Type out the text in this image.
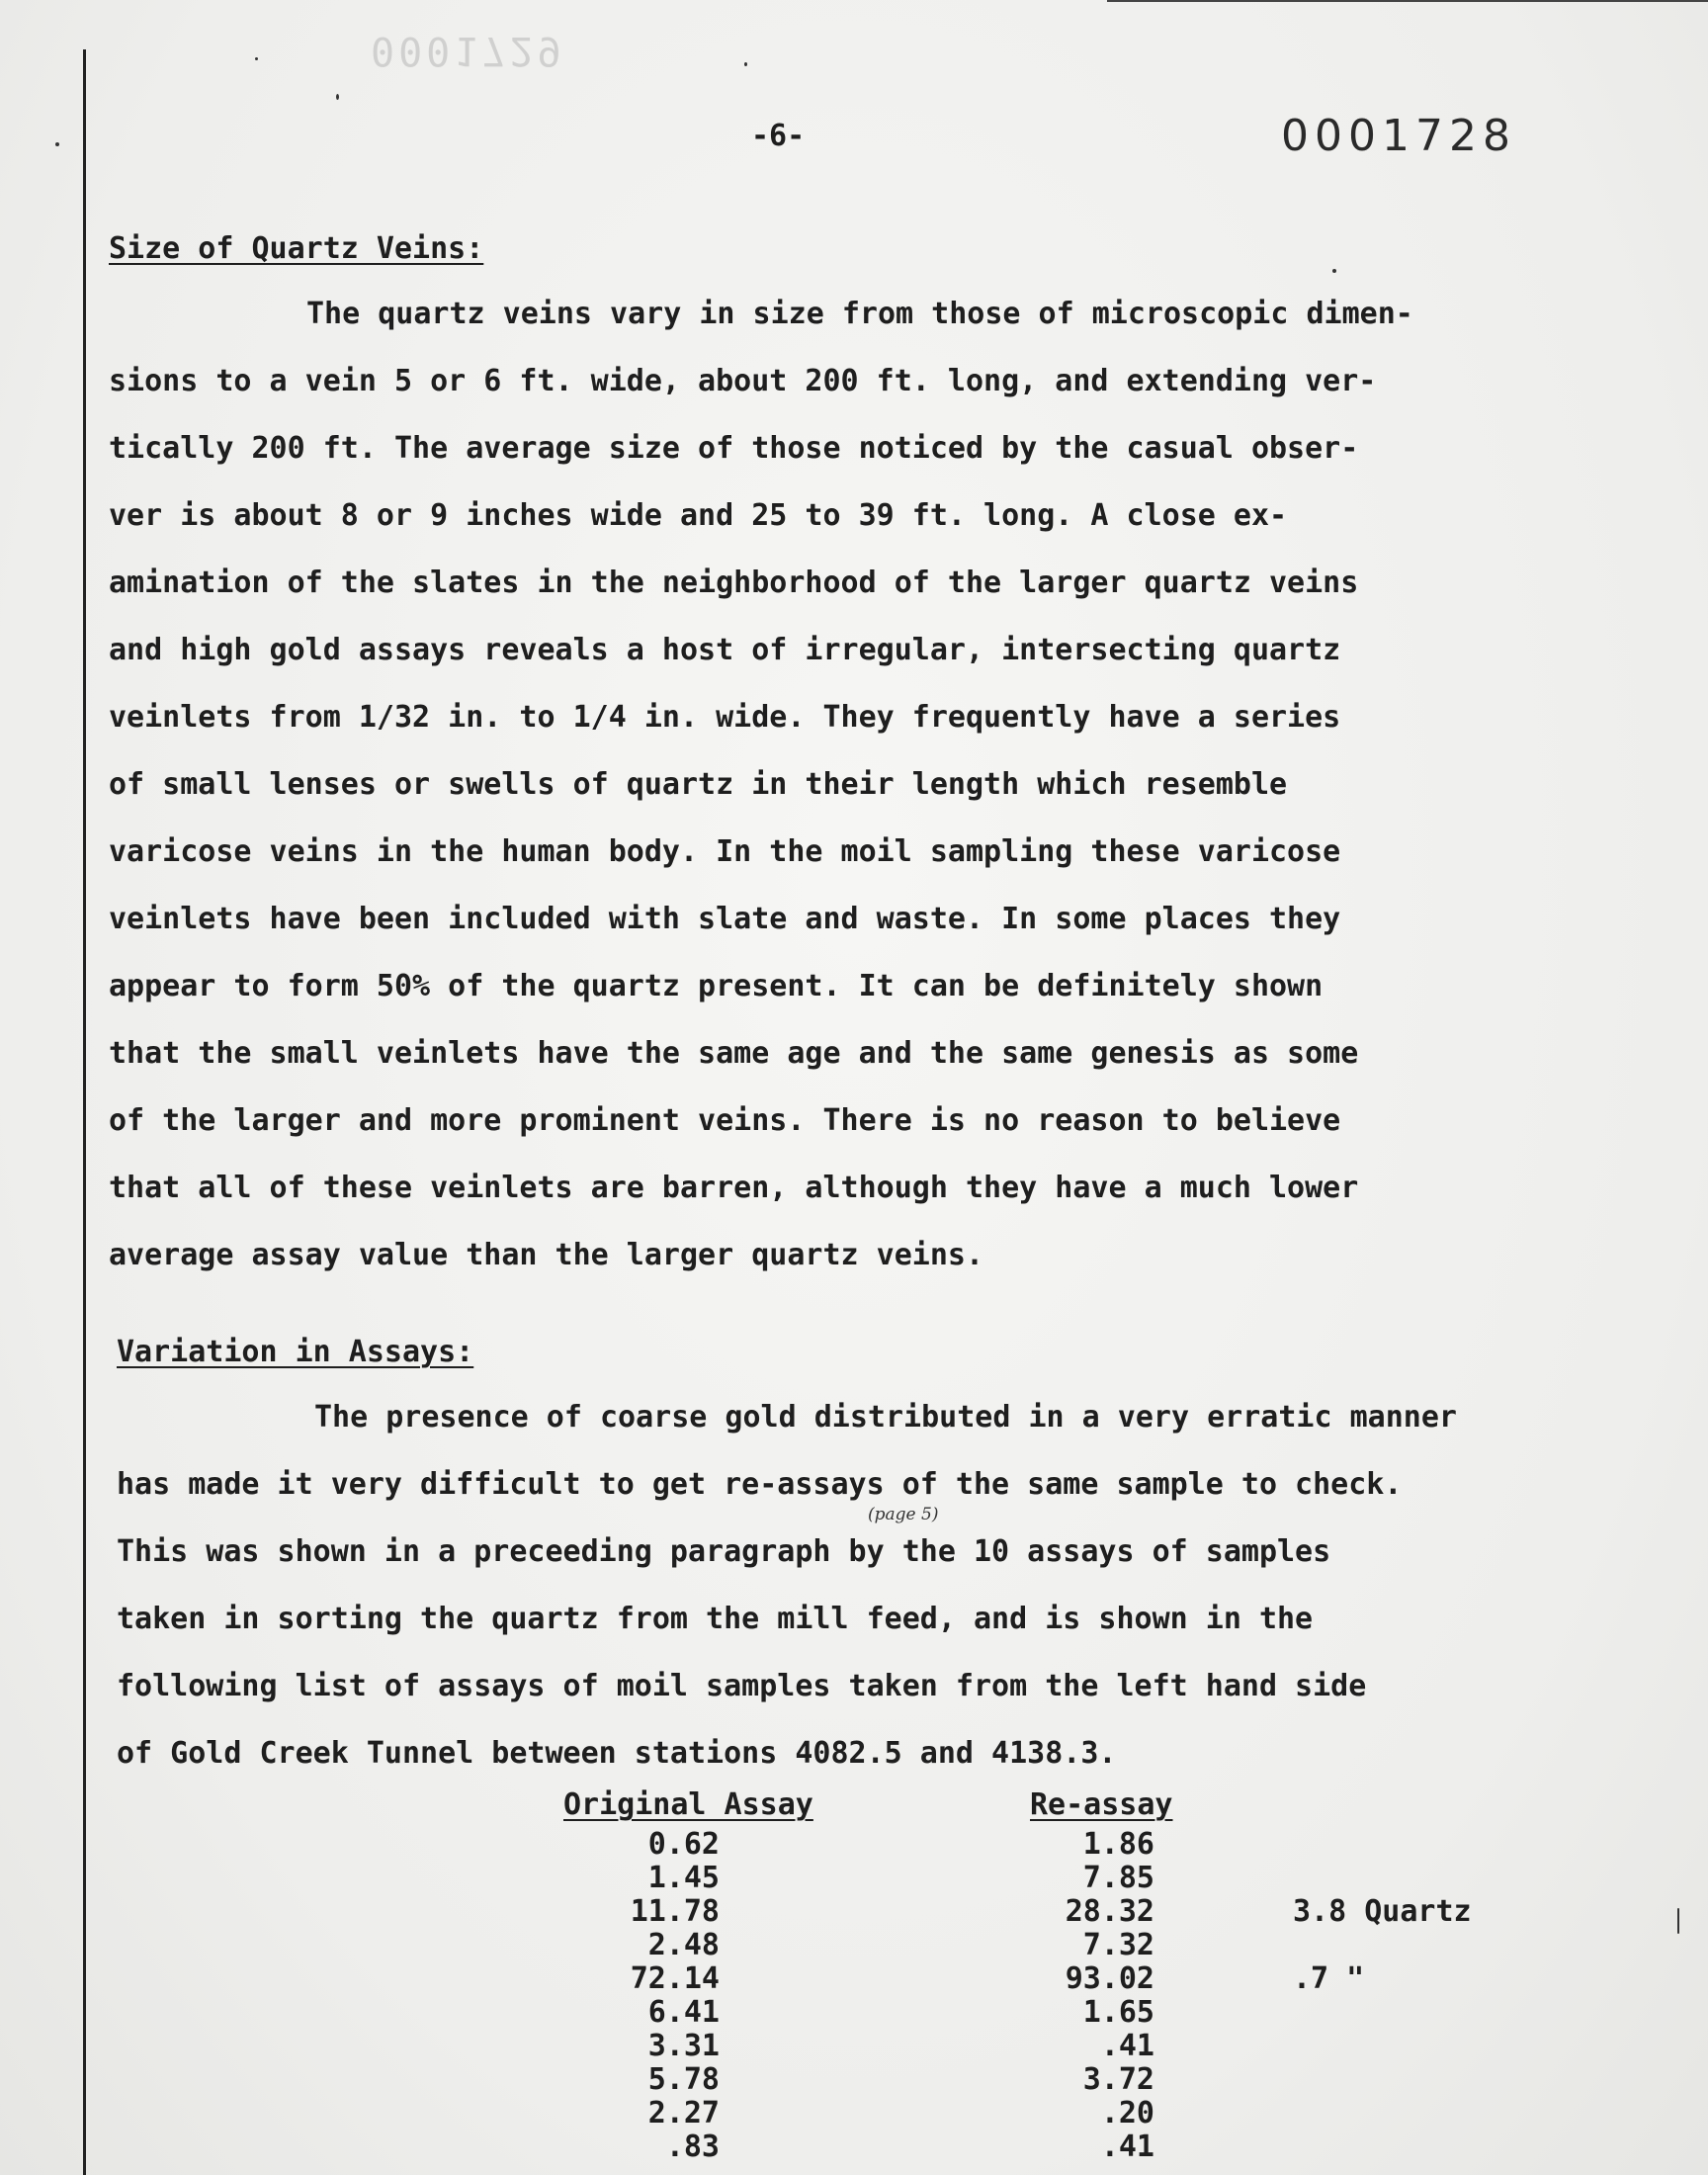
0001729
-6-	0001728
Size of Quartz Veins:
The quartz veins vary in size from those of microscopic dimen-
sions to a vein 5 or 6 ft. wide, about 200 ft. long, and extending ver-
tically 200 ft. The average size of those noticed by the casual obser-
ver is about 8 or 9 inches wide and 25 to 39 ft. long. A close ex-
amination of the slates in the neighborhood of the larger quartz veins
and high gold assays reveals a host of irregular, intersecting quartz
veinlets from 1/32 in. to 1/4 in. wide. They frequently have a series
of small lenses or swells of quartz in their length which resemble
varicose veins in the human body. In the moil sampling these varicose
veinlets have been included with slate and waste. In some places they
appear to form 50% of the quartz present. It can be definitely shown
that the small veinlets have the same age and the same genesis as some
of the larger and more prominent veins. There is no reason to believe
that all of these veinlets are barren, although they have a much lower
average assay value than the larger quartz veins.
Variation in Assays:
The presence of coarse gold distributed in a very erratic manner
has made it very difficult to get re-assays of the same sample to check.
This was shown in a preceeding paragraph by the 10 assays of samples
taken in sorting the quartz from the mill feed, and is shown in the
following list of assays of moil samples taken from the left hand side
of Gold Creek Tunnel between stations 4082.5 and 4138.3.
(page 5)
Original Assay	Re-assay
0.62	1.86
1.45	7.85
11.78	28.32	3.8 Quartz
2.48	7.32
72.14	93.02	.7 "
6.41	1.65
3.31	.41
5.78	3.72
2.27	.20
.83	.41
